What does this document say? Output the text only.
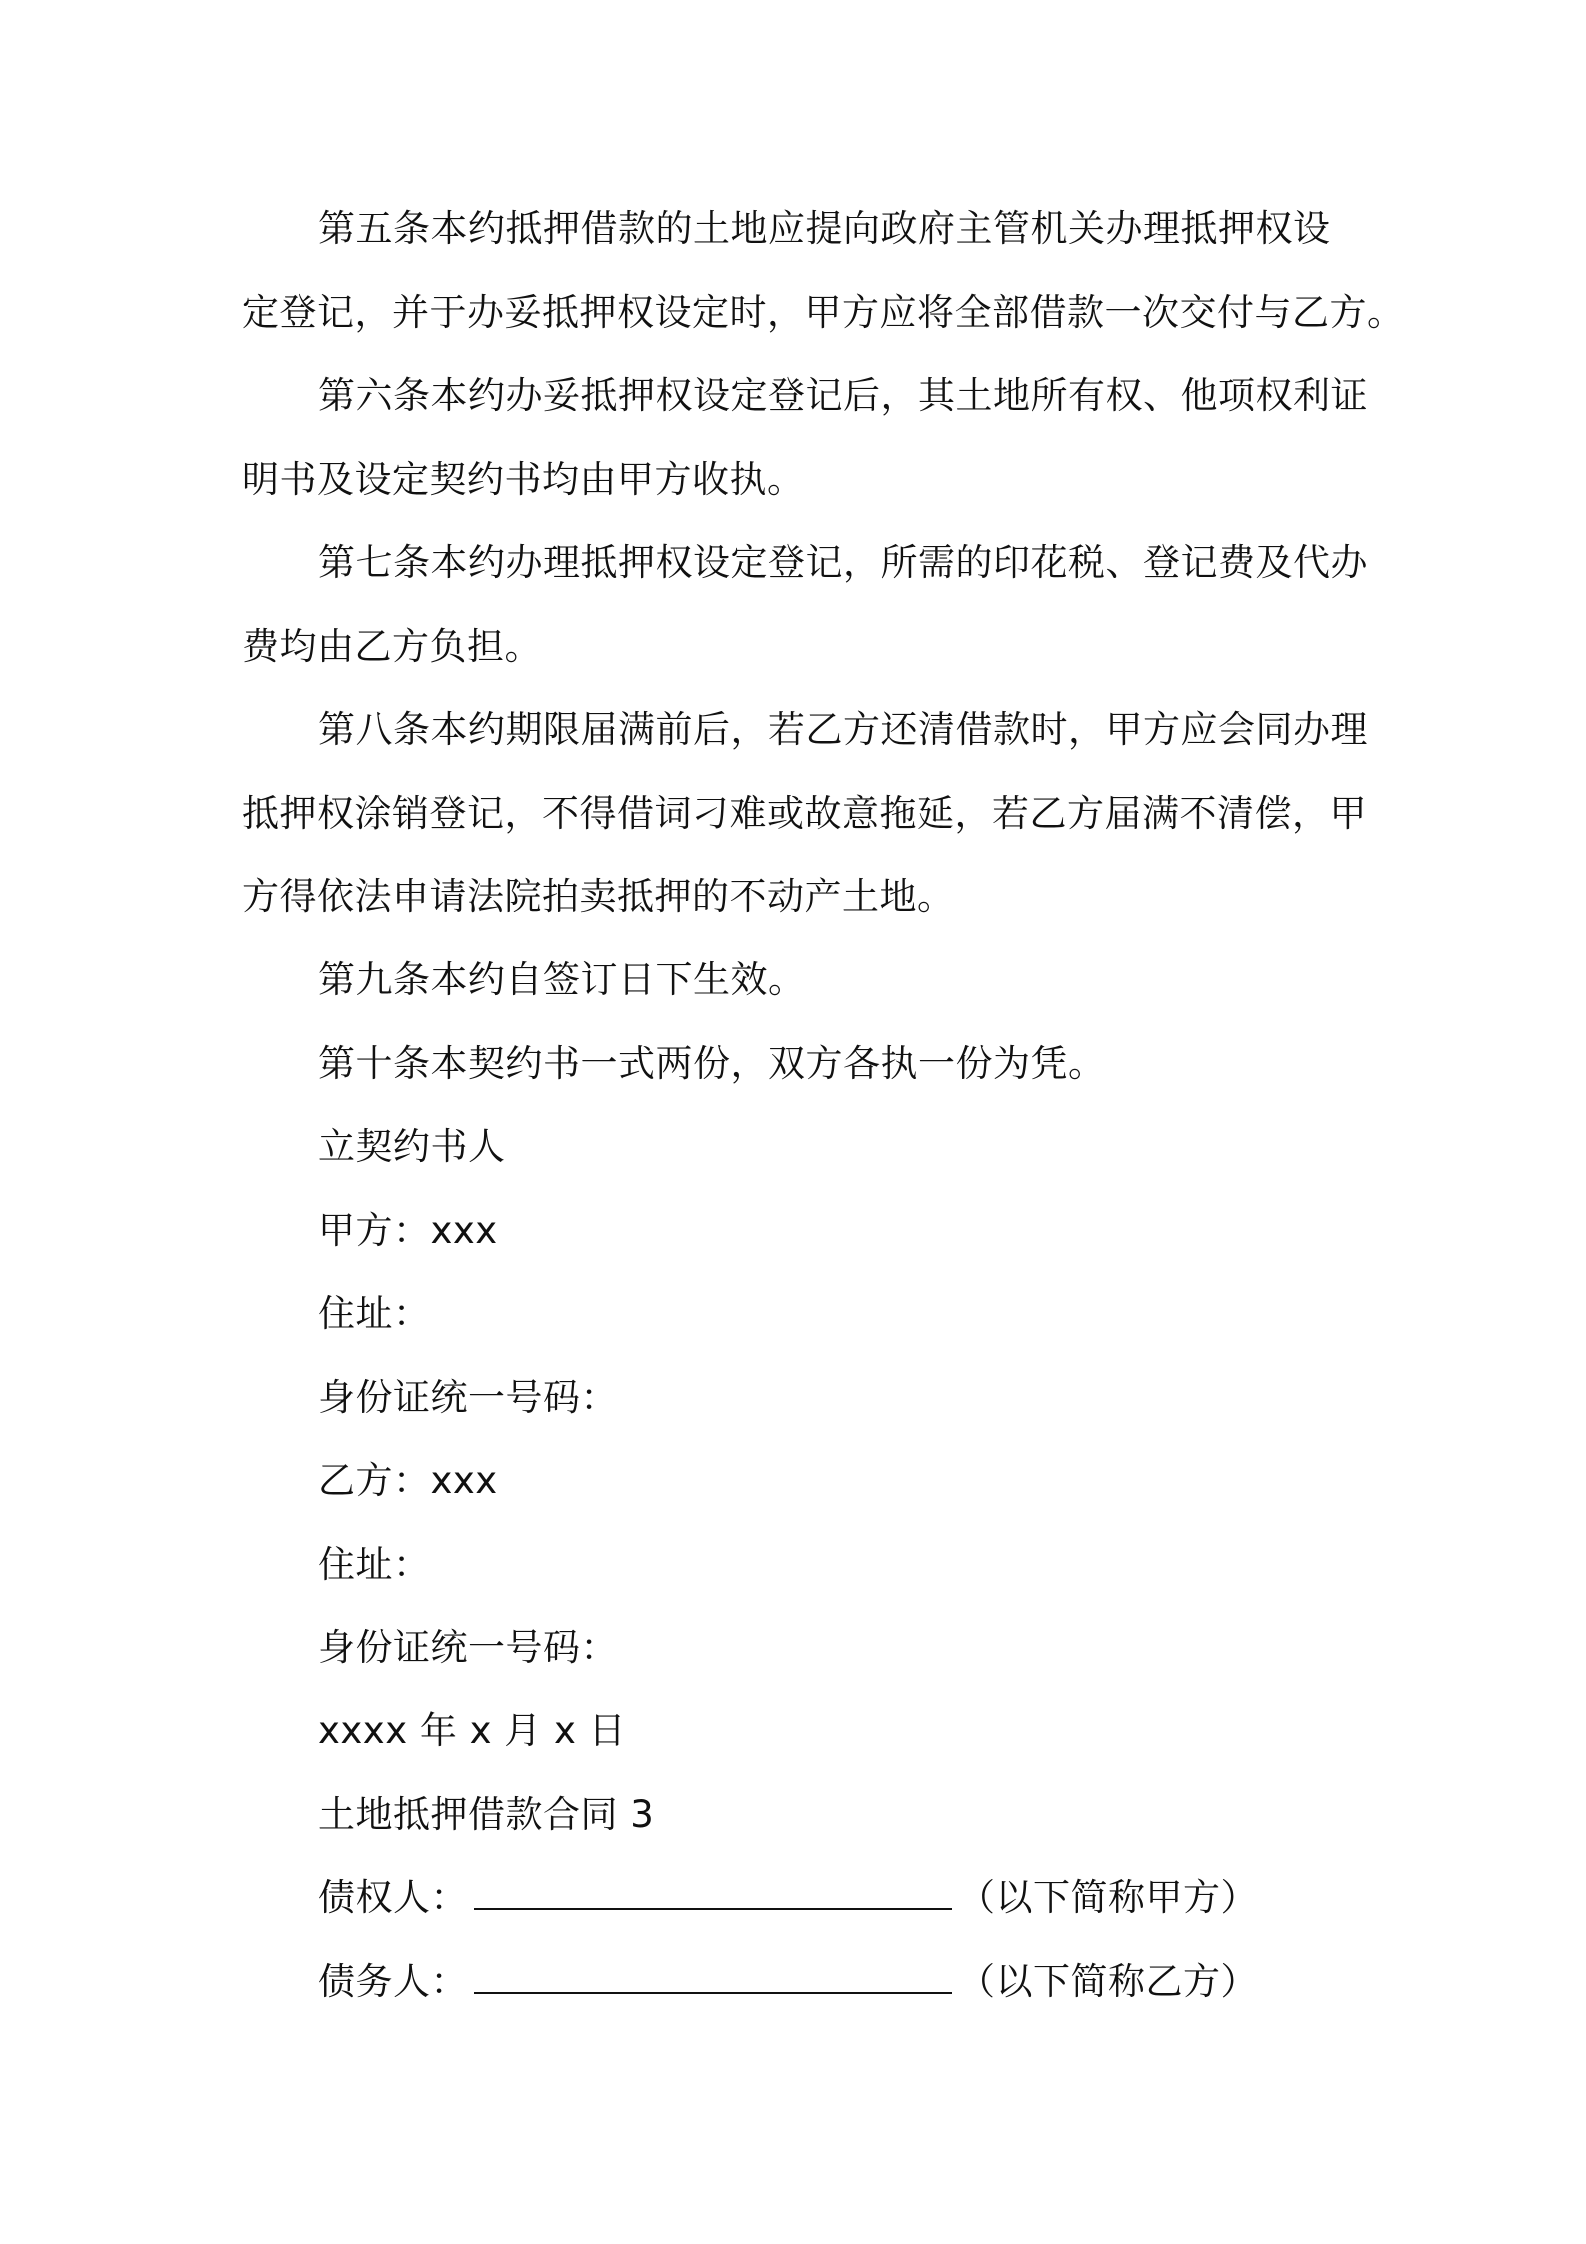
第五条本约抵押借款的土地应提向政府主管机关办理抵押权设
定登记，并于办妥抵押权设定时，甲方应将全部借款一次交付与乙方。
第六条本约办妥抵押权设定登记后，其土地所有权、他项权利证
明书及设定契约书均由甲方收执。
第七条本约办理抵押权设定登记，所需的印花税、登记费及代办
费均由乙方负担。
第八条本约期限届满前后，若乙方还清借款时，甲方应会同办理
抵押权涂销登记，不得借词刁难或故意拖延，若乙方届满不清偿，甲
方得依法申请法院拍卖抵押的不动产土地。
第九条本约自签订日下生效。
第十条本契约书一式两份，双方各执一份为凭。
立契约书人
甲方：xxx
住址：
身份证统一号码：
乙方：xxx
住址：
身份证统一号码：
xxxx 年 x 月 x 日
土地抵押借款合同 3
债权人：	（以下简称甲方）
债务人：	（以下简称乙方）
